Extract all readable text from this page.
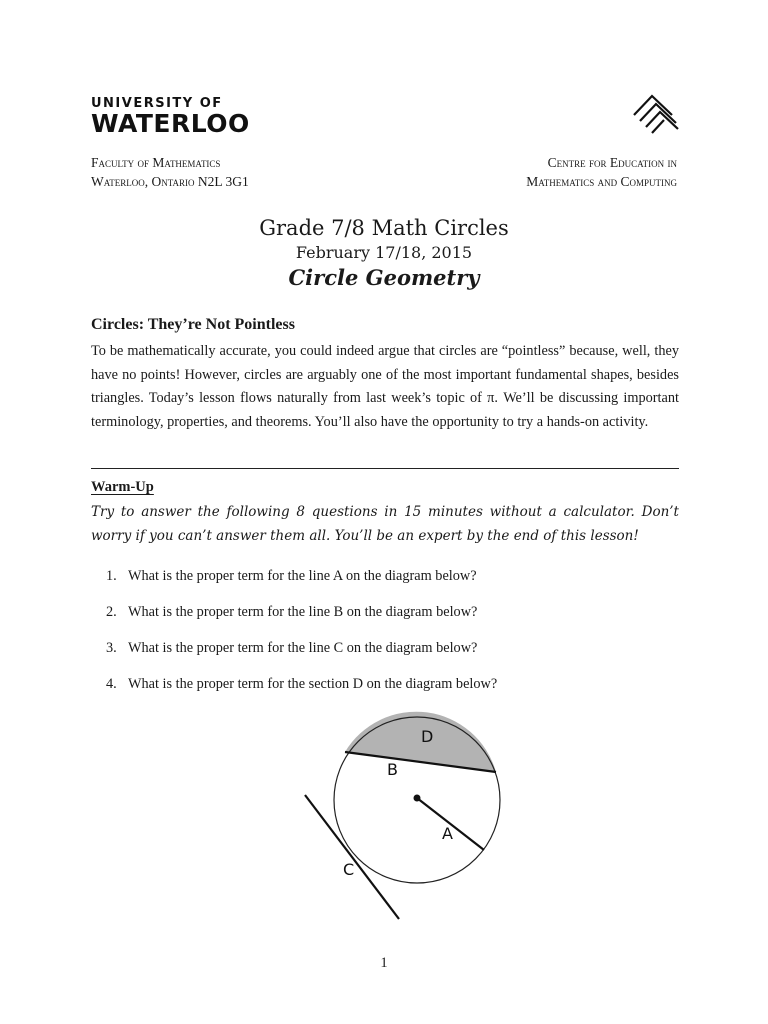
UNIVERSITY OF
WATERLOO
Faculty of Mathematics
Waterloo, Ontario N2L 3G1
Centre for Education in
Mathematics and Computing
Grade 7/8 Math Circles
February 17/18, 2015
Circle Geometry
Circles: They’re Not Pointless
To be mathematically accurate, you could indeed argue that circles are “pointless” because, well, they have no points! However, circles are arguably one of the most important fundamental shapes, besides triangles. Today’s lesson flows naturally from last week’s topic of π. We’ll be discussing important terminology, properties, and theorems. You’ll also have the opportunity to try a hands-on activity.
Warm-Up
Try to answer the following 8 questions in 15 minutes without a calculator. Don’t worry if you can’t answer them all. You’ll be an expert by the end of this lesson!
1. What is the proper term for the line A on the diagram below?
2. What is the proper term for the line B on the diagram below?
3. What is the proper term for the line C on the diagram below?
4. What is the proper term for the section D on the diagram below?
D
B
A
C
1
